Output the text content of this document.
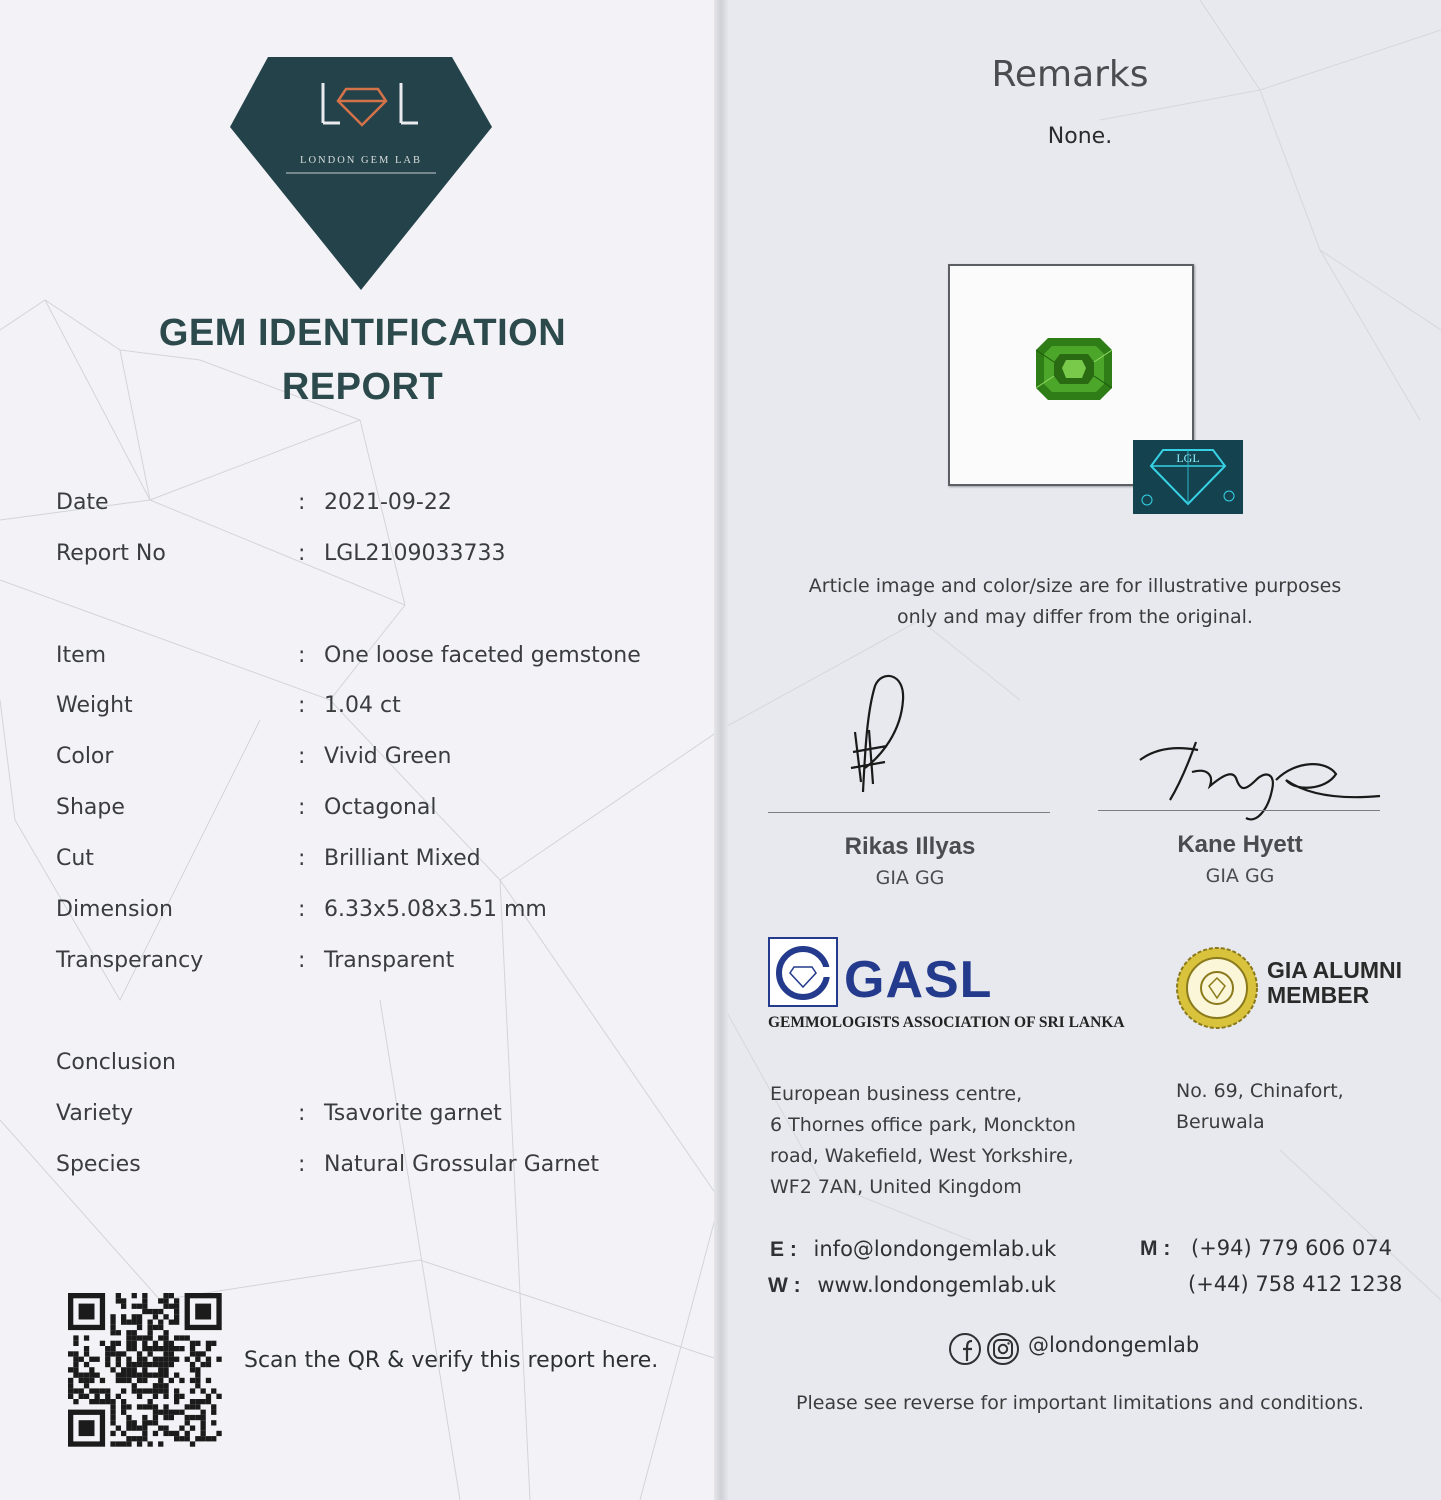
LONDON GEM LAB
GEM IDENTIFICATION
REPORT
Date	: 2021-09-22
Report No	: LGL2109033733
Item	: One loose faceted gemstone
Weight	: 1.04 ct
Color	: Vivid Green
Shape	: Octagonal
Cut	: Brilliant Mixed
Dimension	: 6.33x5.08x3.51 mm
Transperancy	: Transparent
Conclusion
Variety	: Tsavorite garnet
Species	: Natural Grossular Garnet
Scan the QR & verify this report here.
Remarks
None.
LGL
Article image and color/size are for illustrative purposes
only and may differ from the original.
Rikas Illyas
GIA GG
Kane Hyett
GIA GG
GASL
GEMMOLOGISTS ASSOCIATION OF SRI LANKA
GIA ALUMNI
MEMBER
European business centre,
6 Thornes office park, Monckton
road, Wakefield, West Yorkshire,
WF2 7AN, United Kingdom
No. 69, Chinafort,
Beruwala
E : info@londongemlab.uk
W : www.londongemlab.uk
M : (+94) 779 606 074
(+44) 758 412 1238
@londongemlab
Please see reverse for important limitations and conditions.
